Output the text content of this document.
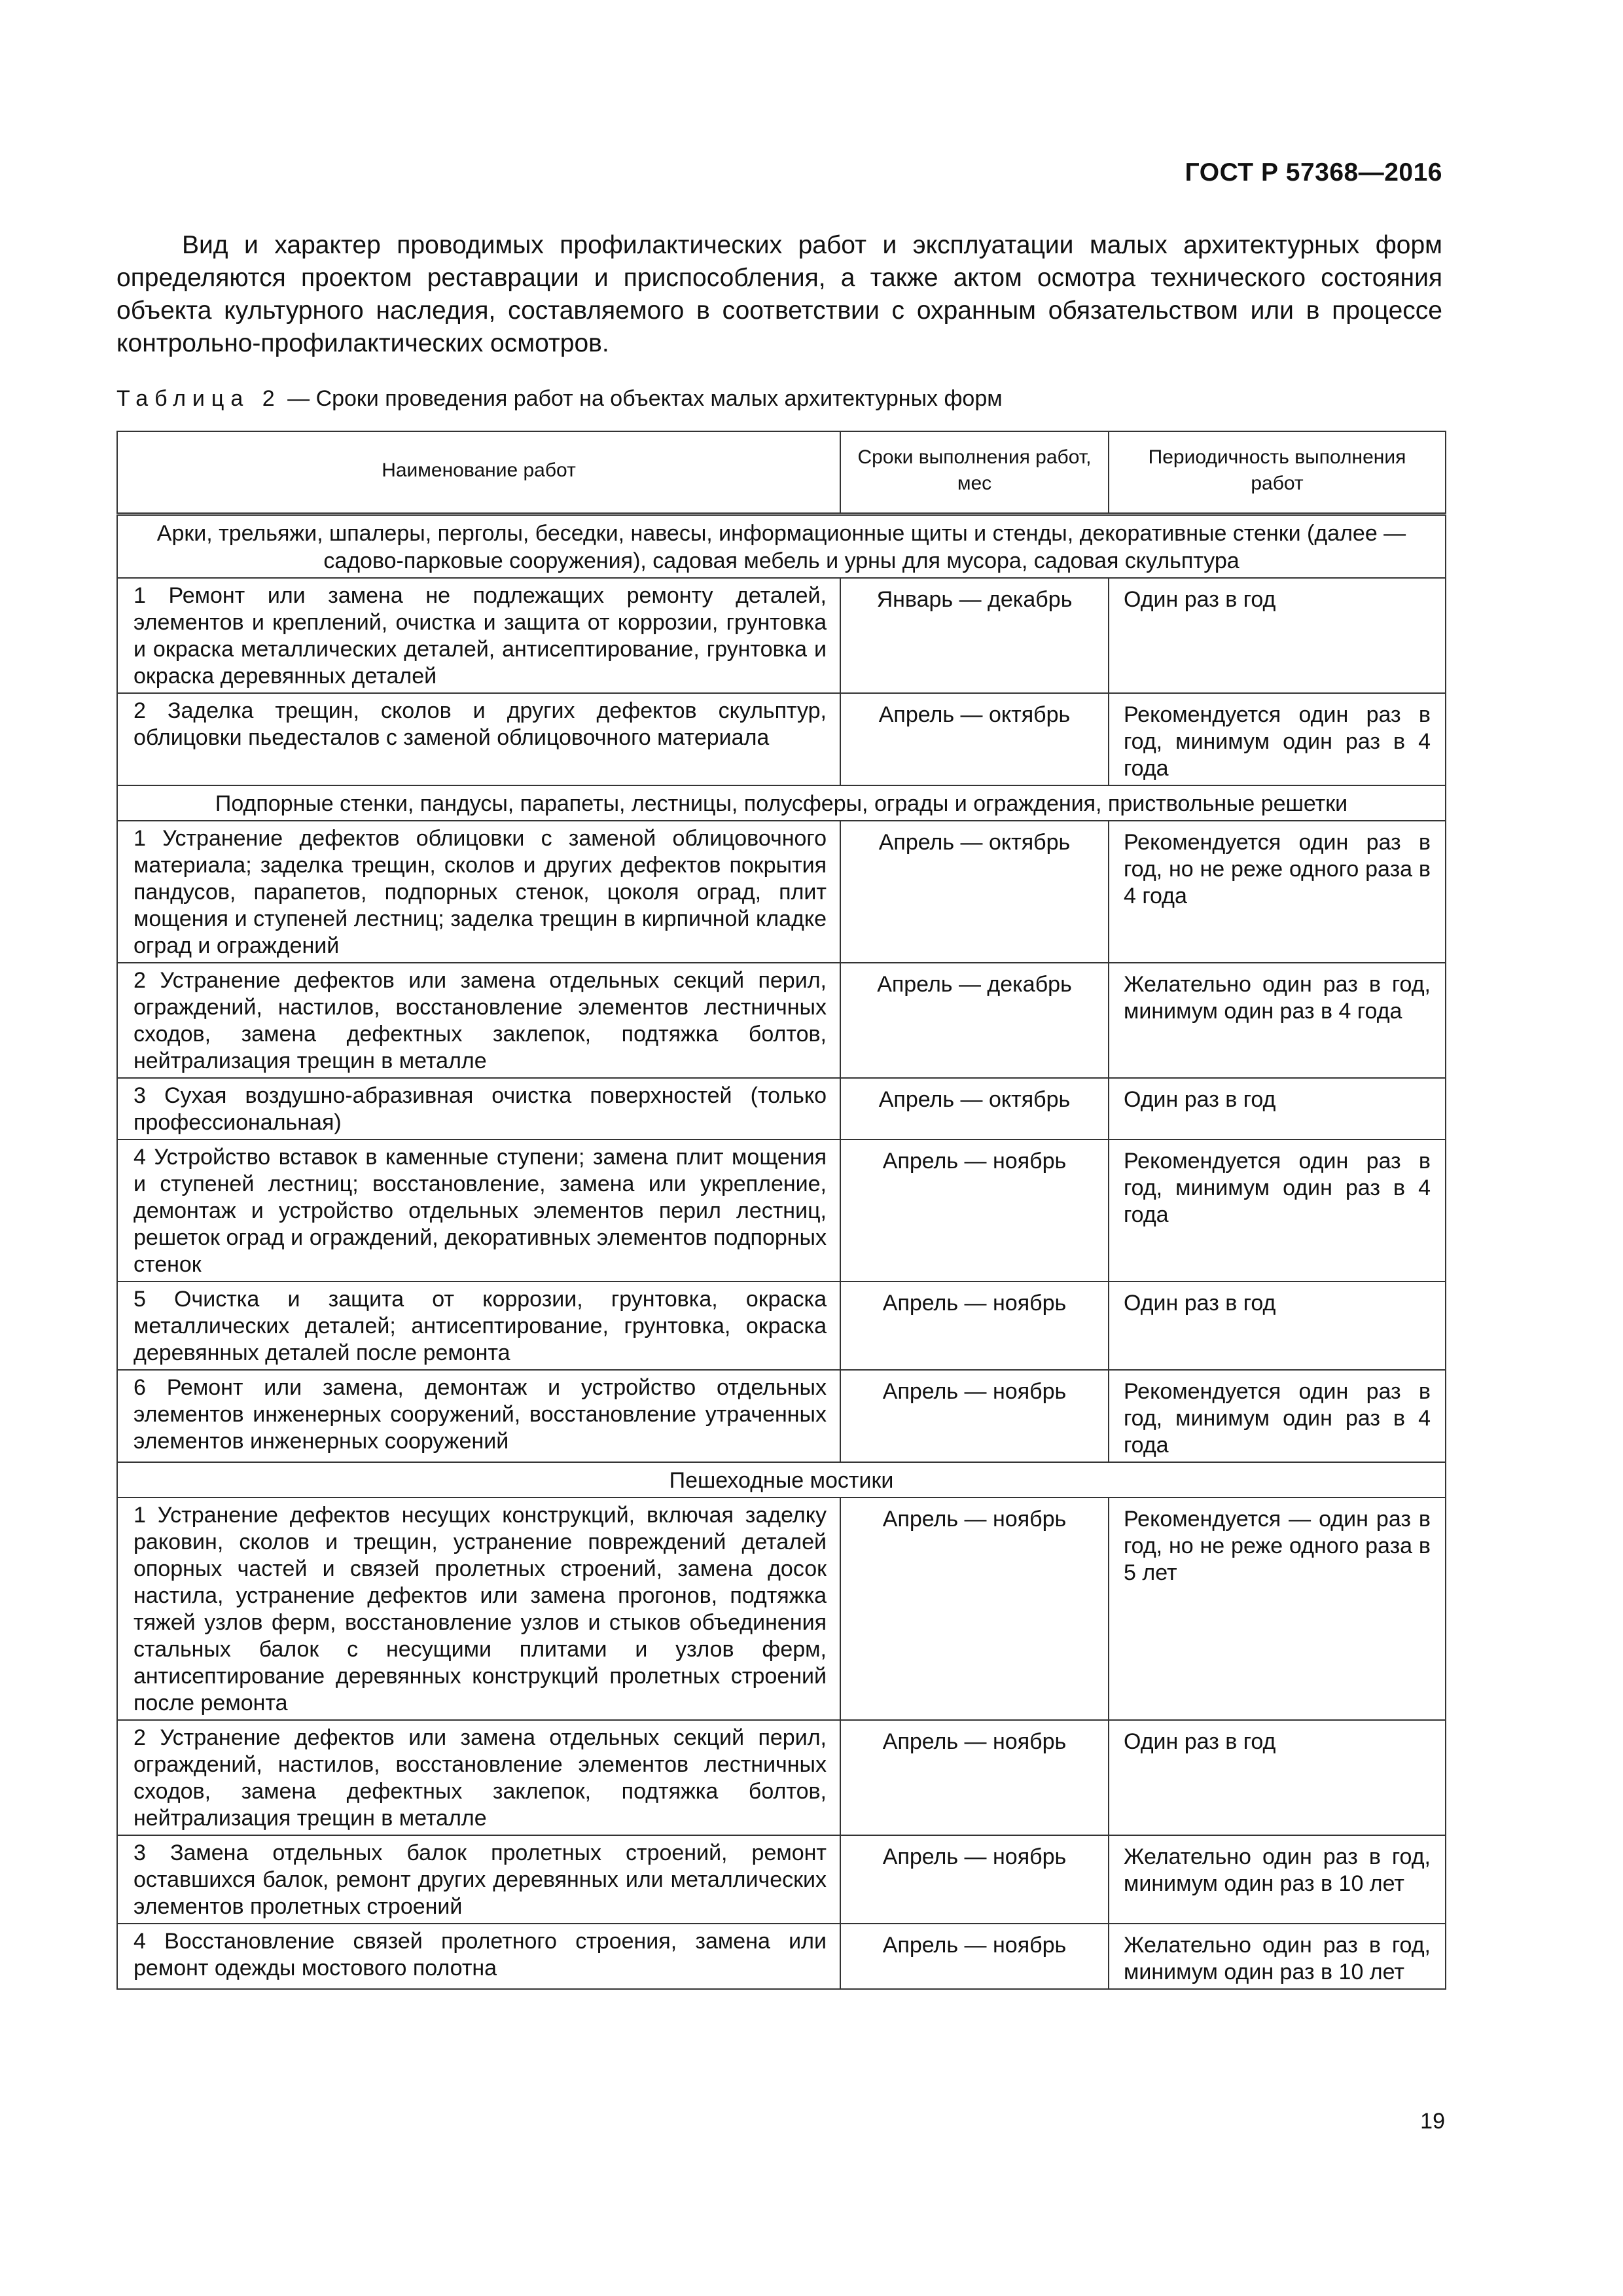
ГОСТ Р 57368—2016

Вид и характер проводимых профилактических работ и эксплуатации малых архитектурных форм определяются проектом реставрации и приспособления, а также актом осмотра технического состояния объекта культурного наследия, составляемого в соответствии с охранным обязательством или в процессе контрольно-профилактических осмотров.

Таблица 2 — Сроки проведения работ на объектах малых архитектурных форм

Наименование работ	Сроки выполнения работ, мес	Периодичность выполнения работ
Арки, трельяжи, шпалеры, перголы, беседки, навесы, информационные щиты и стенды, декоративные стенки (далее — садово-парковые сооружения), садовая мебель и урны для мусора, садовая скульптура		
1 Ремонт или замена не подлежащих ремонту деталей, элементов и креплений, очистка и защита от коррозии, грунтовка и окраска металлических деталей, антисептирование, грунтовка и окраска деревянных деталей	Январь — декабрь	Один раз в год
2 Заделка трещин, сколов и других дефектов скульптур, облицовки пьедесталов с заменой облицовочного материала	Апрель — октябрь	Рекомендуется один раз в год, минимум один раз в 4 года
Подпорные стенки, пандусы, парапеты, лестницы, полусферы, ограды и ограждения, приствольные решетки		
1 Устранение дефектов облицовки с заменой облицовочного материала; заделка трещин, сколов и других дефектов покрытия пандусов, парапетов, подпорных стенок, цоколя оград, плит мощения и ступеней лестниц; заделка трещин в кирпичной кладке оград и ограждений	Апрель — октябрь	Рекомендуется один раз в год, но не реже одного раза в 4 года
2 Устранение дефектов или замена отдельных секций перил, ограждений, настилов, восстановление элементов лестничных сходов, замена дефектных заклепок, подтяжка болтов, нейтрализация трещин в металле	Апрель — декабрь	Желательно один раз в год, минимум один раз в 4 года
3 Сухая воздушно-абразивная очистка поверхностей (только профессиональная)	Апрель — октябрь	Один раз в год
4 Устройство вставок в каменные ступени; замена плит мощения и ступеней лестниц; восстановление, замена или укрепление, демонтаж и устройство отдельных элементов перил лестниц, решеток оград и ограждений, декоративных элементов подпорных стенок	Апрель — ноябрь	Рекомендуется один раз в год, минимум один раз в 4 года
5 Очистка и защита от коррозии, грунтовка, окраска металлических деталей; антисептирование, грунтовка, окраска деревянных деталей после ремонта	Апрель — ноябрь	Один раз в год
6 Ремонт или замена, демонтаж и устройство отдельных элементов инженерных сооружений, восстановление утраченных элементов инженерных сооружений	Апрель — ноябрь	Рекомендуется один раз в год, минимум один раз в 4 года
Пешеходные мостики		
1 Устранение дефектов несущих конструкций, включая заделку раковин, сколов и трещин, устранение повреждений деталей опорных частей и связей пролетных строений, замена досок настила, устранение дефектов или замена прогонов, подтяжка тяжей узлов ферм, восстановление узлов и стыков объединения стальных балок с несущими плитами и узлов ферм, антисептирование деревянных конструкций пролетных строений после ремонта	Апрель — ноябрь	Рекомендуется — один раз в год, но не реже одного раза в 5 лет
2 Устранение дефектов или замена отдельных секций перил, ограждений, настилов, восстановление элементов лестничных сходов, замена дефектных заклепок, подтяжка болтов, нейтрализация трещин в металле	Апрель — ноябрь	Один раз в год
3 Замена отдельных балок пролетных строений, ремонт оставшихся балок, ремонт других деревянных или металлических элементов пролетных строений	Апрель — ноябрь	Желательно один раз в год, минимум один раз в 10 лет
4 Восстановление связей пролетного строения, замена или ремонт одежды мостового полотна	Апрель — ноябрь	Желательно один раз в год, минимум один раз в 10 лет
19
